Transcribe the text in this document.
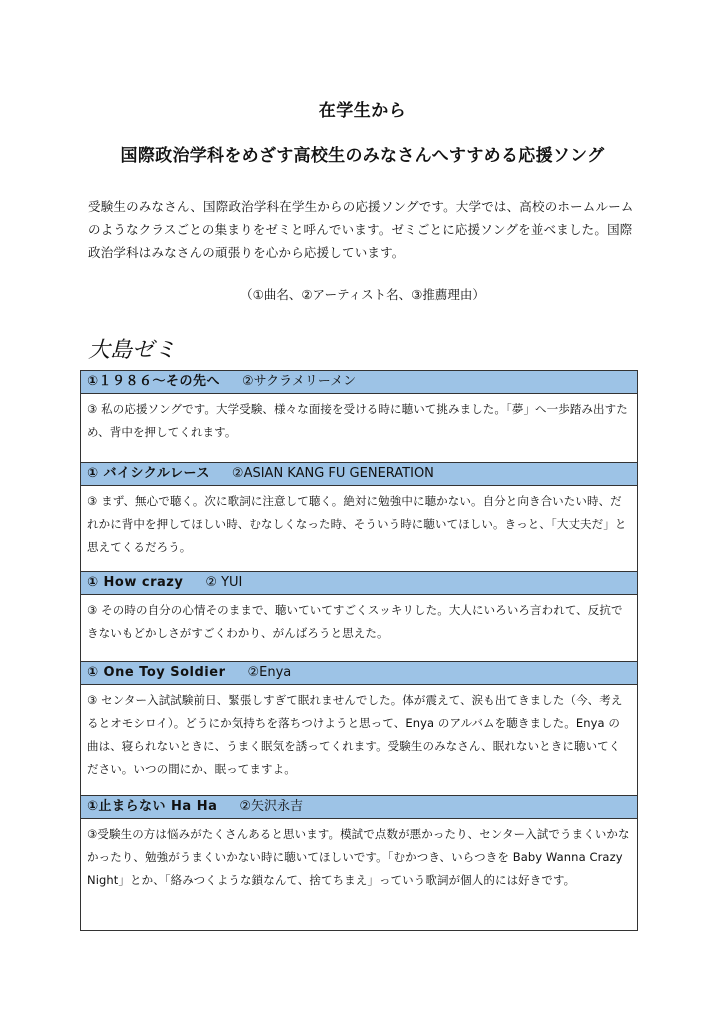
在学生から
国際政治学科をめざす高校生のみなさんへすすめる応援ソング
受験生のみなさん、国際政治学科在学生からの応援ソングです。大学では、高校のホームルームのようなクラスごとの集まりをゼミと呼んでいます。ゼミごとに応援ソングを並べました。国際政治学科はみなさんの頑張りを心から応援しています。
（①曲名、②アーティスト名、③推薦理由）
大島ゼミ
①１９８６～その先へ ②サクラメリーメン
③ 私の応援ソングです。大学受験、様々な面接を受ける時に聴いて挑みました。「夢」へ一歩踏み出すため、背中を押してくれます。
① バイシクルレース ②ASIAN KANG FU GENERATION
③ まず、無心で聴く。次に歌詞に注意して聴く。絶対に勉強中に聴かない。自分と向き合いたい時、だれかに背中を押してほしい時、むなしくなった時、そういう時に聴いてほしい。きっと、「大丈夫だ」と思えてくるだろう。
① How crazy ② YUI
③ その時の自分の心情そのままで、聴いていてすごくスッキリした。大人にいろいろ言われて、反抗できないもどかしさがすごくわかり、がんばろうと思えた。
① One Toy Soldier ②Enya
③ センター入試試験前日、緊張しすぎて眠れませんでした。体が震えて、涙も出てきました（今、考えるとオモシロイ）。どうにか気持ちを落ちつけようと思って、Enya のアルバムを聴きました。Enya の曲は、寝られないときに、うまく眠気を誘ってくれます。受験生のみなさん、眠れないときに聴いてください。いつの間にか、眠ってますよ。
①止まらない Ha Ha ②矢沢永吉
③受験生の方は悩みがたくさんあると思います。模試で点数が悪かったり、センター入試でうまくいかなかったり、勉強がうまくいかない時に聴いてほしいです。「むかつき、いらつきを Baby Wanna Crazy Night」とか、「絡みつくような鎖なんて、捨てちまえ」っていう歌詞が個人的には好きです。
